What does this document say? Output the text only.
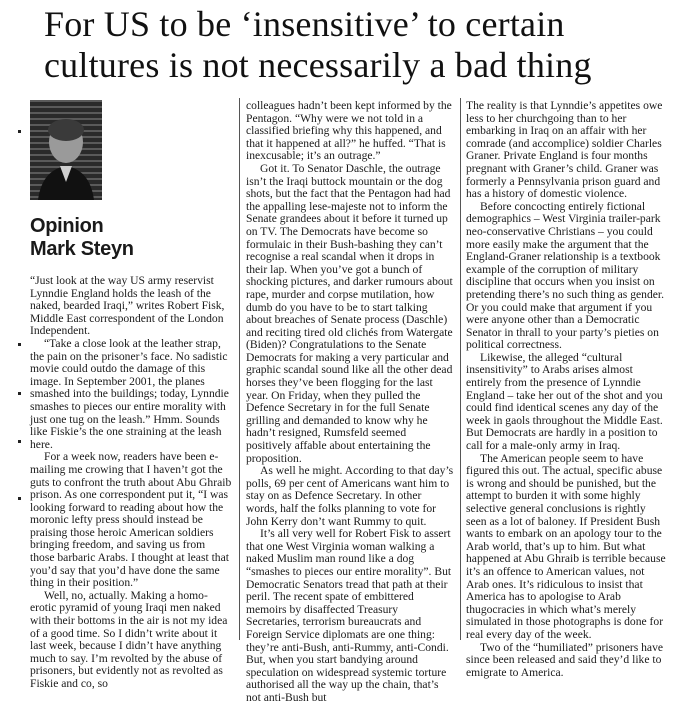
For US to be ‘insensitive’ to certain
cultures is not necessarily a bad thing
Opinion
Mark Steyn

“Just look at the way US army reservist Lynndie England holds the leash of the naked, bearded Iraqi,” writes Robert Fisk, Middle East correspondent of the London Independent.

“Take a close look at the leather strap, the pain on the prisoner’s face. No sadistic movie could outdo the damage of this image. In September 2001, the planes smashed into the buildings; today, Lynndie smashes to pieces our entire morality with just one tug on the leash.” Hmm. Sounds like Fiskie’s the one straining at the leash here.

For a week now, readers have been e-mailing me crowing that I haven’t got the guts to confront the truth about Abu Ghraib prison. As one correspondent put it, “I was looking forward to reading about how the moronic lefty press should instead be praising those heroic American soldiers bringing freedom, and saving us from those barbaric Arabs. I thought at least that you’d say that you’d have done the same thing in their position.”

Well, no, actually. Making a homo-erotic pyramid of young Iraqi men naked with their bottoms in the air is not my idea of a good time. So I didn’t write about it last week, because I didn’t have anything much to say. I’m revolted by the abuse of prisoners, but evidently not as revolted as Fiskie and co, so

colleagues hadn’t been kept informed by the Pentagon. “Why were we not told in a classified briefing why this happened, and that it happened at all?” he huffed. “That is inexcusable; it’s an outrage.”

Got it. To Senator Daschle, the outrage isn’t the Iraqi buttock mountain or the dog shots, but the fact that the Pentagon had had the appalling lese-majeste not to inform the Senate grandees about it before it turned up on TV. The Democrats have become so formulaic in their Bush-bashing they can’t recognise a real scandal when it drops in their lap. When you’ve got a bunch of shocking pictures, and darker rumours about rape, murder and corpse mutilation, how dumb do you have to be to start talking about breaches of Senate process (Daschle) and reciting tired old clichés from Watergate (Biden)? Congratulations to the Senate Democrats for making a very particular and graphic scandal sound like all the other dead horses they’ve been flogging for the last year. On Friday, when they pulled the Defence Secretary in for the full Senate grilling and demanded to know why he hadn’t resigned, Rumsfeld seemed positively affable about entertaining the proposition.

As well he might. According to that day’s polls, 69 per cent of Americans want him to stay on as Defence Secretary. In other words, half the folks planning to vote for John Kerry don’t want Rummy to quit.

It’s all very well for Robert Fisk to assert that one West Virginia woman walking a naked Muslim man round like a dog “smashes to pieces our entire morality”. But Democratic Senators tread that path at their peril. The recent spate of embittered memoirs by disaffected Treasury Secretaries, terrorism bureaucrats and Foreign Service diplomats are one thing: they’re anti-Bush, anti-Rummy, anti-Condi. But, when you start bandying around speculation on widespread systemic torture authorised all the way up the chain, that’s not anti-Bush but

The reality is that Lynndie’s appetites owe less to her churchgoing than to her embarking in Iraq on an affair with her comrade (and accomplice) soldier Charles Graner. Private England is four months pregnant with Graner’s child. Graner was formerly a Pennsylvania prison guard and has a history of domestic violence.

Before concocting entirely fictional demographics – West Virginia trailer-park neo-conservative Christians – you could more easily make the argument that the England-Graner relationship is a textbook example of the corruption of military discipline that occurs when you insist on pretending there’s no such thing as gender. Or you could make that argument if you were anyone other than a Democratic Senator in thrall to your party’s pieties on political correctness.

Likewise, the alleged “cultural insensitivity” to Arabs arises almost entirely from the presence of Lynndie England – take her out of the shot and you could find identical scenes any day of the week in gaols throughout the Middle East. But Democrats are hardly in a position to call for a male-only army in Iraq.

The American people seem to have figured this out. The actual, specific abuse is wrong and should be punished, but the attempt to burden it with some highly selective general conclusions is rightly seen as a lot of baloney. If President Bush wants to embark on an apology tour to the Arab world, that’s up to him. But what happened at Abu Ghraib is terrible because it’s an offence to American values, not Arab ones. It’s ridiculous to insist that America has to apologise to Arab thugocracies in which what’s merely simulated in those photographs is done for real every day of the week.

Two of the “humiliated” prisoners have since been released and said they’d like to emigrate to America.
